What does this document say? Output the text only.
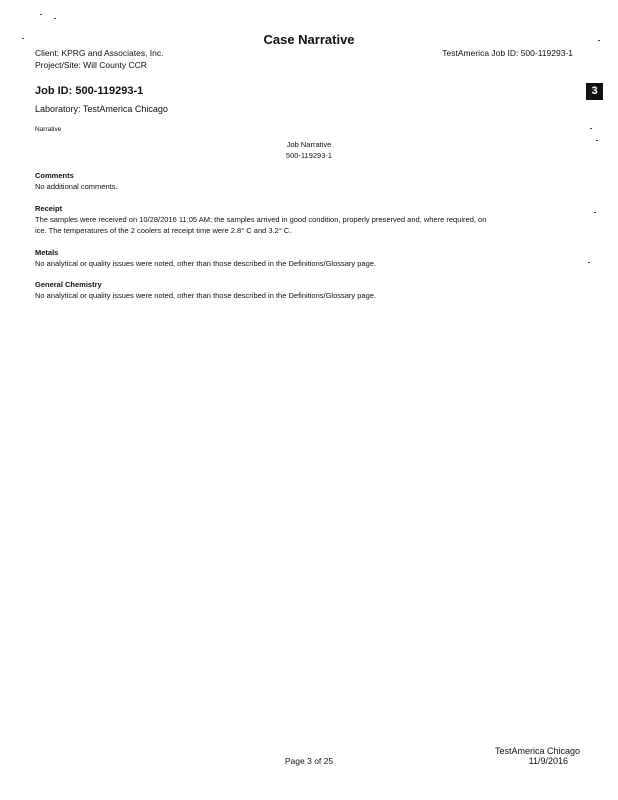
Case Narrative
Client: KPRG and Associates, Inc.
Project/Site: Will County CCR
TestAmerica Job ID: 500-119293-1
Job ID: 500-119293-1
Laboratory: TestAmerica Chicago
3
Narrative
Job Narrative
500-119293-1
Comments
No additional comments.
Receipt
The samples were received on 10/28/2016 11:05 AM; the samples arrived in good condition, properly preserved and, where required, on
ice. The temperatures of the 2 coolers at receipt time were 2.8° C and 3.2° C.
Metals
No analytical or quality issues were noted, other than those described in the Definitions/Glossary page.
General Chemistry
No analytical or quality issues were noted, other than those described in the Definitions/Glossary page.
Page 3 of 25
TestAmerica Chicago
11/9/2016
